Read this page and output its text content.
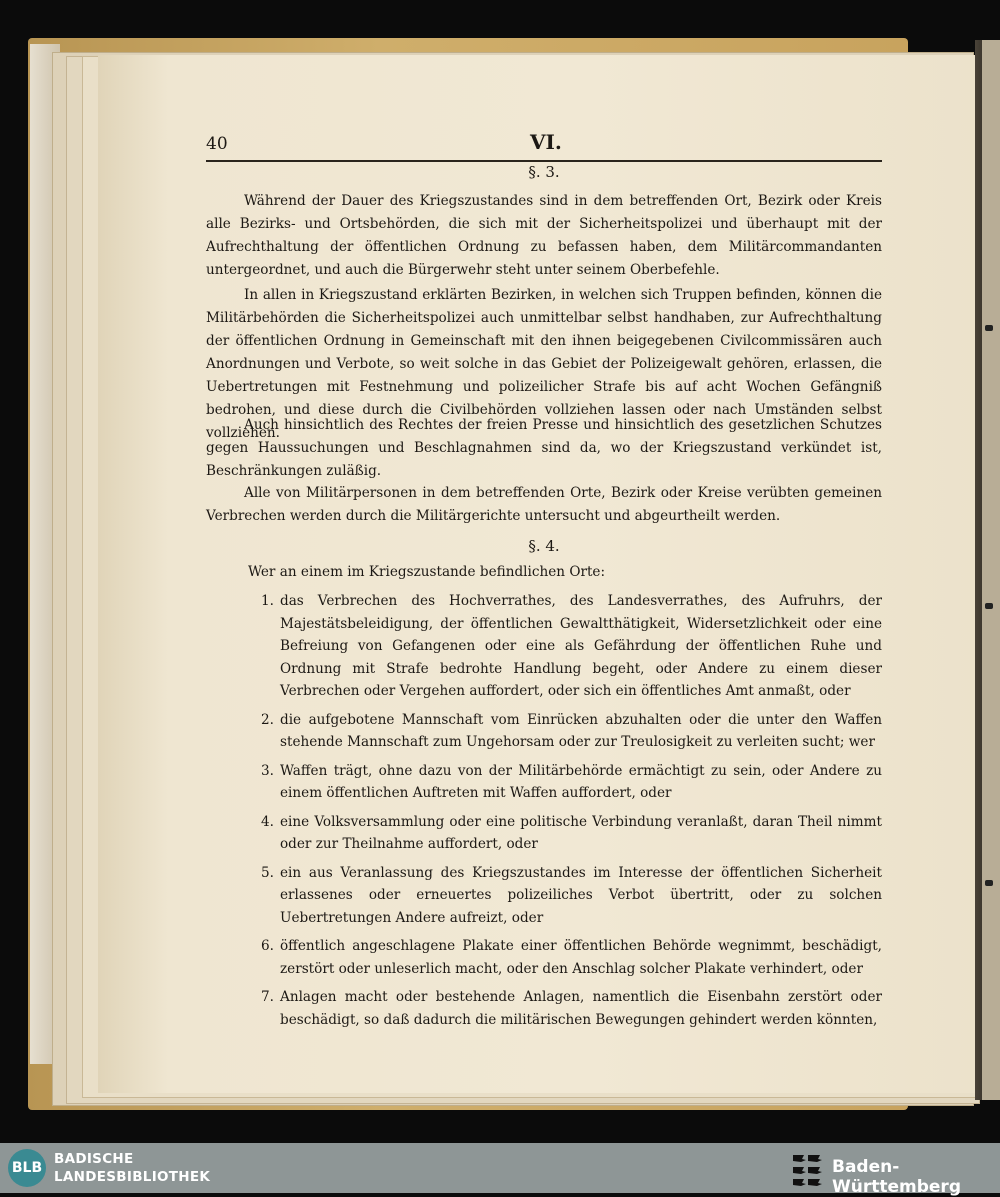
40	VI.
§. 3.
Während der Dauer des Kriegszustandes sind in dem betreffenden Ort, Bezirk oder Kreis alle Bezirks- und Ortsbehörden, die sich mit der Sicherheitspolizei und überhaupt mit der Aufrechthaltung der öffentlichen Ordnung zu befassen haben, dem Militärcommandanten untergeordnet, und auch die Bürgerwehr steht unter seinem Oberbefehle.
In allen in Kriegszustand erklärten Bezirken, in welchen sich Truppen befinden, können die Militärbehörden die Sicherheitspolizei auch unmittelbar selbst handhaben, zur Aufrechthaltung der öffentlichen Ordnung in Gemeinschaft mit den ihnen beigegebenen Civilcommissären auch Anordnungen und Verbote, so weit solche in das Gebiet der Polizeigewalt gehören, erlassen, die Uebertretungen mit Festnehmung und polizeilicher Strafe bis auf acht Wochen Gefängniß bedrohen, und diese durch die Civilbehörden vollziehen lassen oder nach Umständen selbst vollziehen.
Auch hinsichtlich des Rechtes der freien Presse und hinsichtlich des gesetzlichen Schutzes gegen Haussuchungen und Beschlagnahmen sind da, wo der Kriegszustand verkündet ist, Beschränkungen zuläßig.
Alle von Militärpersonen in dem betreffenden Orte, Bezirk oder Kreise verübten gemeinen Verbrechen werden durch die Militärgerichte untersucht und abgeurtheilt werden.
§. 4.
Wer an einem im Kriegszustande befindlichen Orte:
1. das Verbrechen des Hochverrathes, des Landesverrathes, des Aufruhrs, der Majestätsbeleidigung, der öffentlichen Gewaltthätigkeit, Widersetzlichkeit oder eine Befreiung von Gefangenen oder eine als Gefährdung der öffentlichen Ruhe und Ordnung mit Strafe bedrohte Handlung begeht, oder Andere zu einem dieser Verbrechen oder Vergehen auffordert, oder sich ein öffentliches Amt anmaßt, oder
2. die aufgebotene Mannschaft vom Einrücken abzuhalten oder die unter den Waffen stehende Mannschaft zum Ungehorsam oder zur Treulosigkeit zu verleiten sucht; wer
3. Waffen trägt, ohne dazu von der Militärbehörde ermächtigt zu sein, oder Andere zu einem öffentlichen Auftreten mit Waffen auffordert, oder
4. eine Volksversammlung oder eine politische Verbindung veranlaßt, daran Theil nimmt oder zur Theilnahme auffordert, oder
5. ein aus Veranlassung des Kriegszustandes im Interesse der öffentlichen Sicherheit erlassenes oder erneuertes polizeiliches Verbot übertritt, oder zu solchen Uebertretungen Andere aufreizt, oder
6. öffentlich angeschlagene Plakate einer öffentlichen Behörde wegnimmt, beschädigt, zerstört oder unleserlich macht, oder den Anschlag solcher Plakate verhindert, oder
7. Anlagen macht oder bestehende Anlagen, namentlich die Eisenbahn zerstört oder beschädigt, so daß dadurch die militärischen Bewegungen gehindert werden könnten,
BLB
BADISCHE
LANDESBIBLIOTHEK	Baden-Württemberg
